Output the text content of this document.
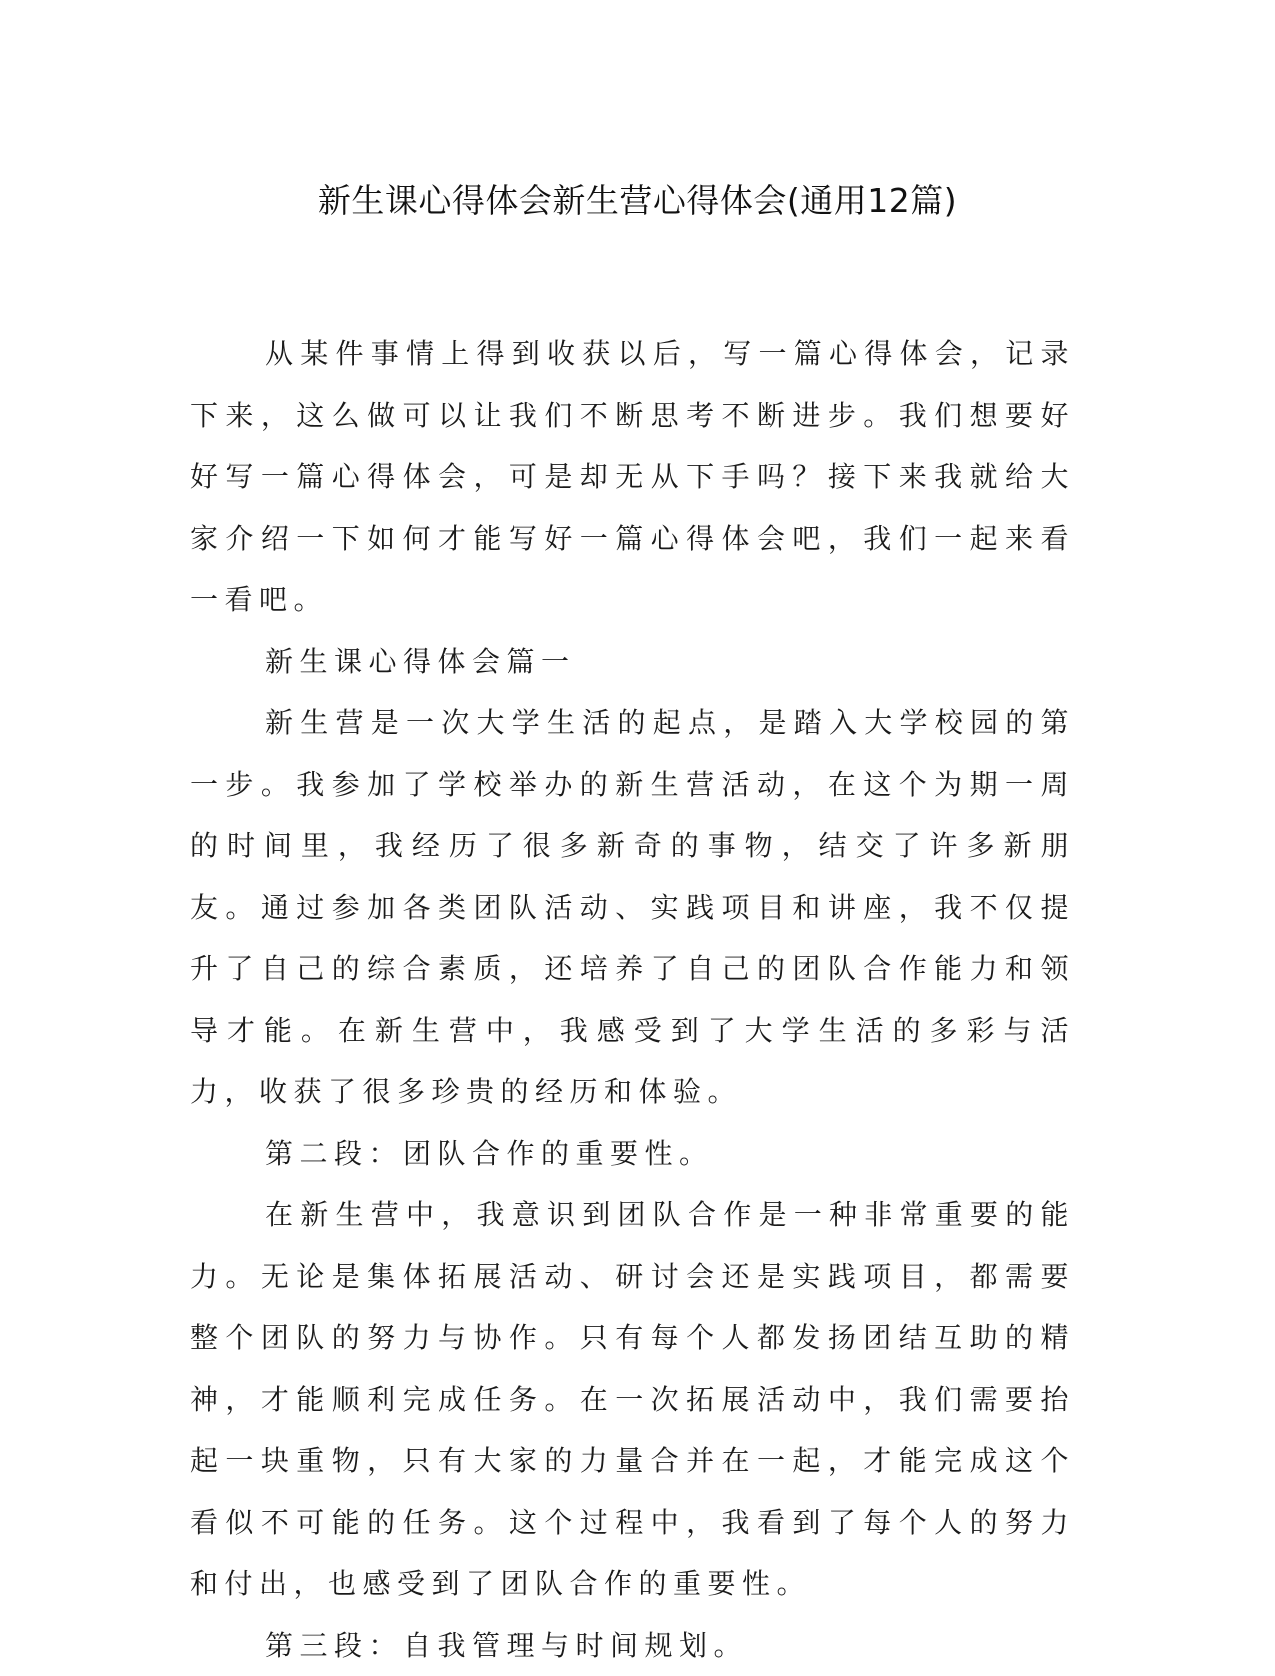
新生课心得体会新生营心得体会(通用12篇)

从某件事情上得到收获以后，写一篇心得体会，记录下来，这么做可以让我们不断思考不断进步。我们想要好好写一篇心得体会，可是却无从下手吗？接下来我就给大家介绍一下如何才能写好一篇心得体会吧，我们一起来看一看吧。

新生课心得体会篇一

新生营是一次大学生活的起点，是踏入大学校园的第一步。我参加了学校举办的新生营活动，在这个为期一周的时间里，我经历了很多新奇的事物，结交了许多新朋友。通过参加各类团队活动、实践项目和讲座，我不仅提升了自己的综合素质，还培养了自己的团队合作能力和领导才能。在新生营中，我感受到了大学生活的多彩与活力，收获了很多珍贵的经历和体验。

第二段：团队合作的重要性。

在新生营中，我意识到团队合作是一种非常重要的能力。无论是集体拓展活动、研讨会还是实践项目，都需要整个团队的努力与协作。只有每个人都发扬团结互助的精神，才能顺利完成任务。在一次拓展活动中，我们需要抬起一块重物，只有大家的力量合并在一起，才能完成这个看似不可能的任务。这个过程中，我看到了每个人的努力和付出，也感受到了团队合作的重要性。

第三段：自我管理与时间规划。
